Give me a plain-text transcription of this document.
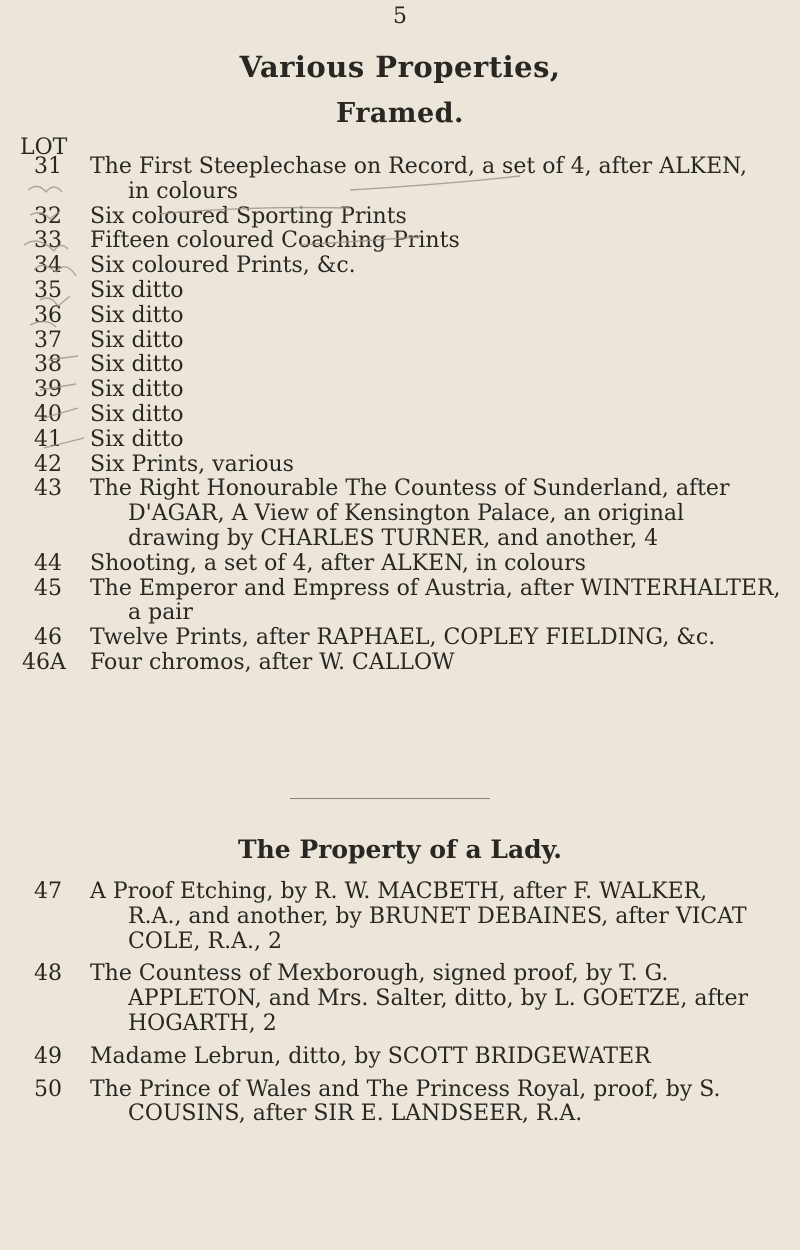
5
Various Properties,
Framed.
LOT
31 The First Steeplechase on Record, a set of 4, after ALKEN,
in colours
32 Six coloured Sporting Prints
33 Fifteen coloured Coaching Prints
34 Six coloured Prints, &c.
35 Six ditto
36 Six ditto
37 Six ditto
38 Six ditto
39 Six ditto
40 Six ditto
41 Six ditto
42 Six Prints, various
43 The Right Honourable The Countess of Sunderland, after
D'AGAR, A View of Kensington Palace, an original
drawing by CHARLES TURNER, and another, 4
44 Shooting, a set of 4, after ALKEN, in colours
45 The Emperor and Empress of Austria, after WINTERHALTER,
a pair
46 Twelve Prints, after RAPHAEL, COPLEY FIELDING, &c.
46A Four chromos, after W. CALLOW
The Property of a Lady.
47 A Proof Etching, by R. W. MACBETH, after F. WALKER,
R.A., and another, by BRUNET DEBAINES, after VICAT
COLE, R.A., 2
48 The Countess of Mexborough, signed proof, by T. G.
APPLETON, and Mrs. Salter, ditto, by L. GOETZE, after
HOGARTH, 2
49 Madame Lebrun, ditto, by SCOTT BRIDGEWATER
50 The Prince of Wales and The Princess Royal, proof, by S.
COUSINS, after SIR E. LANDSEER, R.A.
